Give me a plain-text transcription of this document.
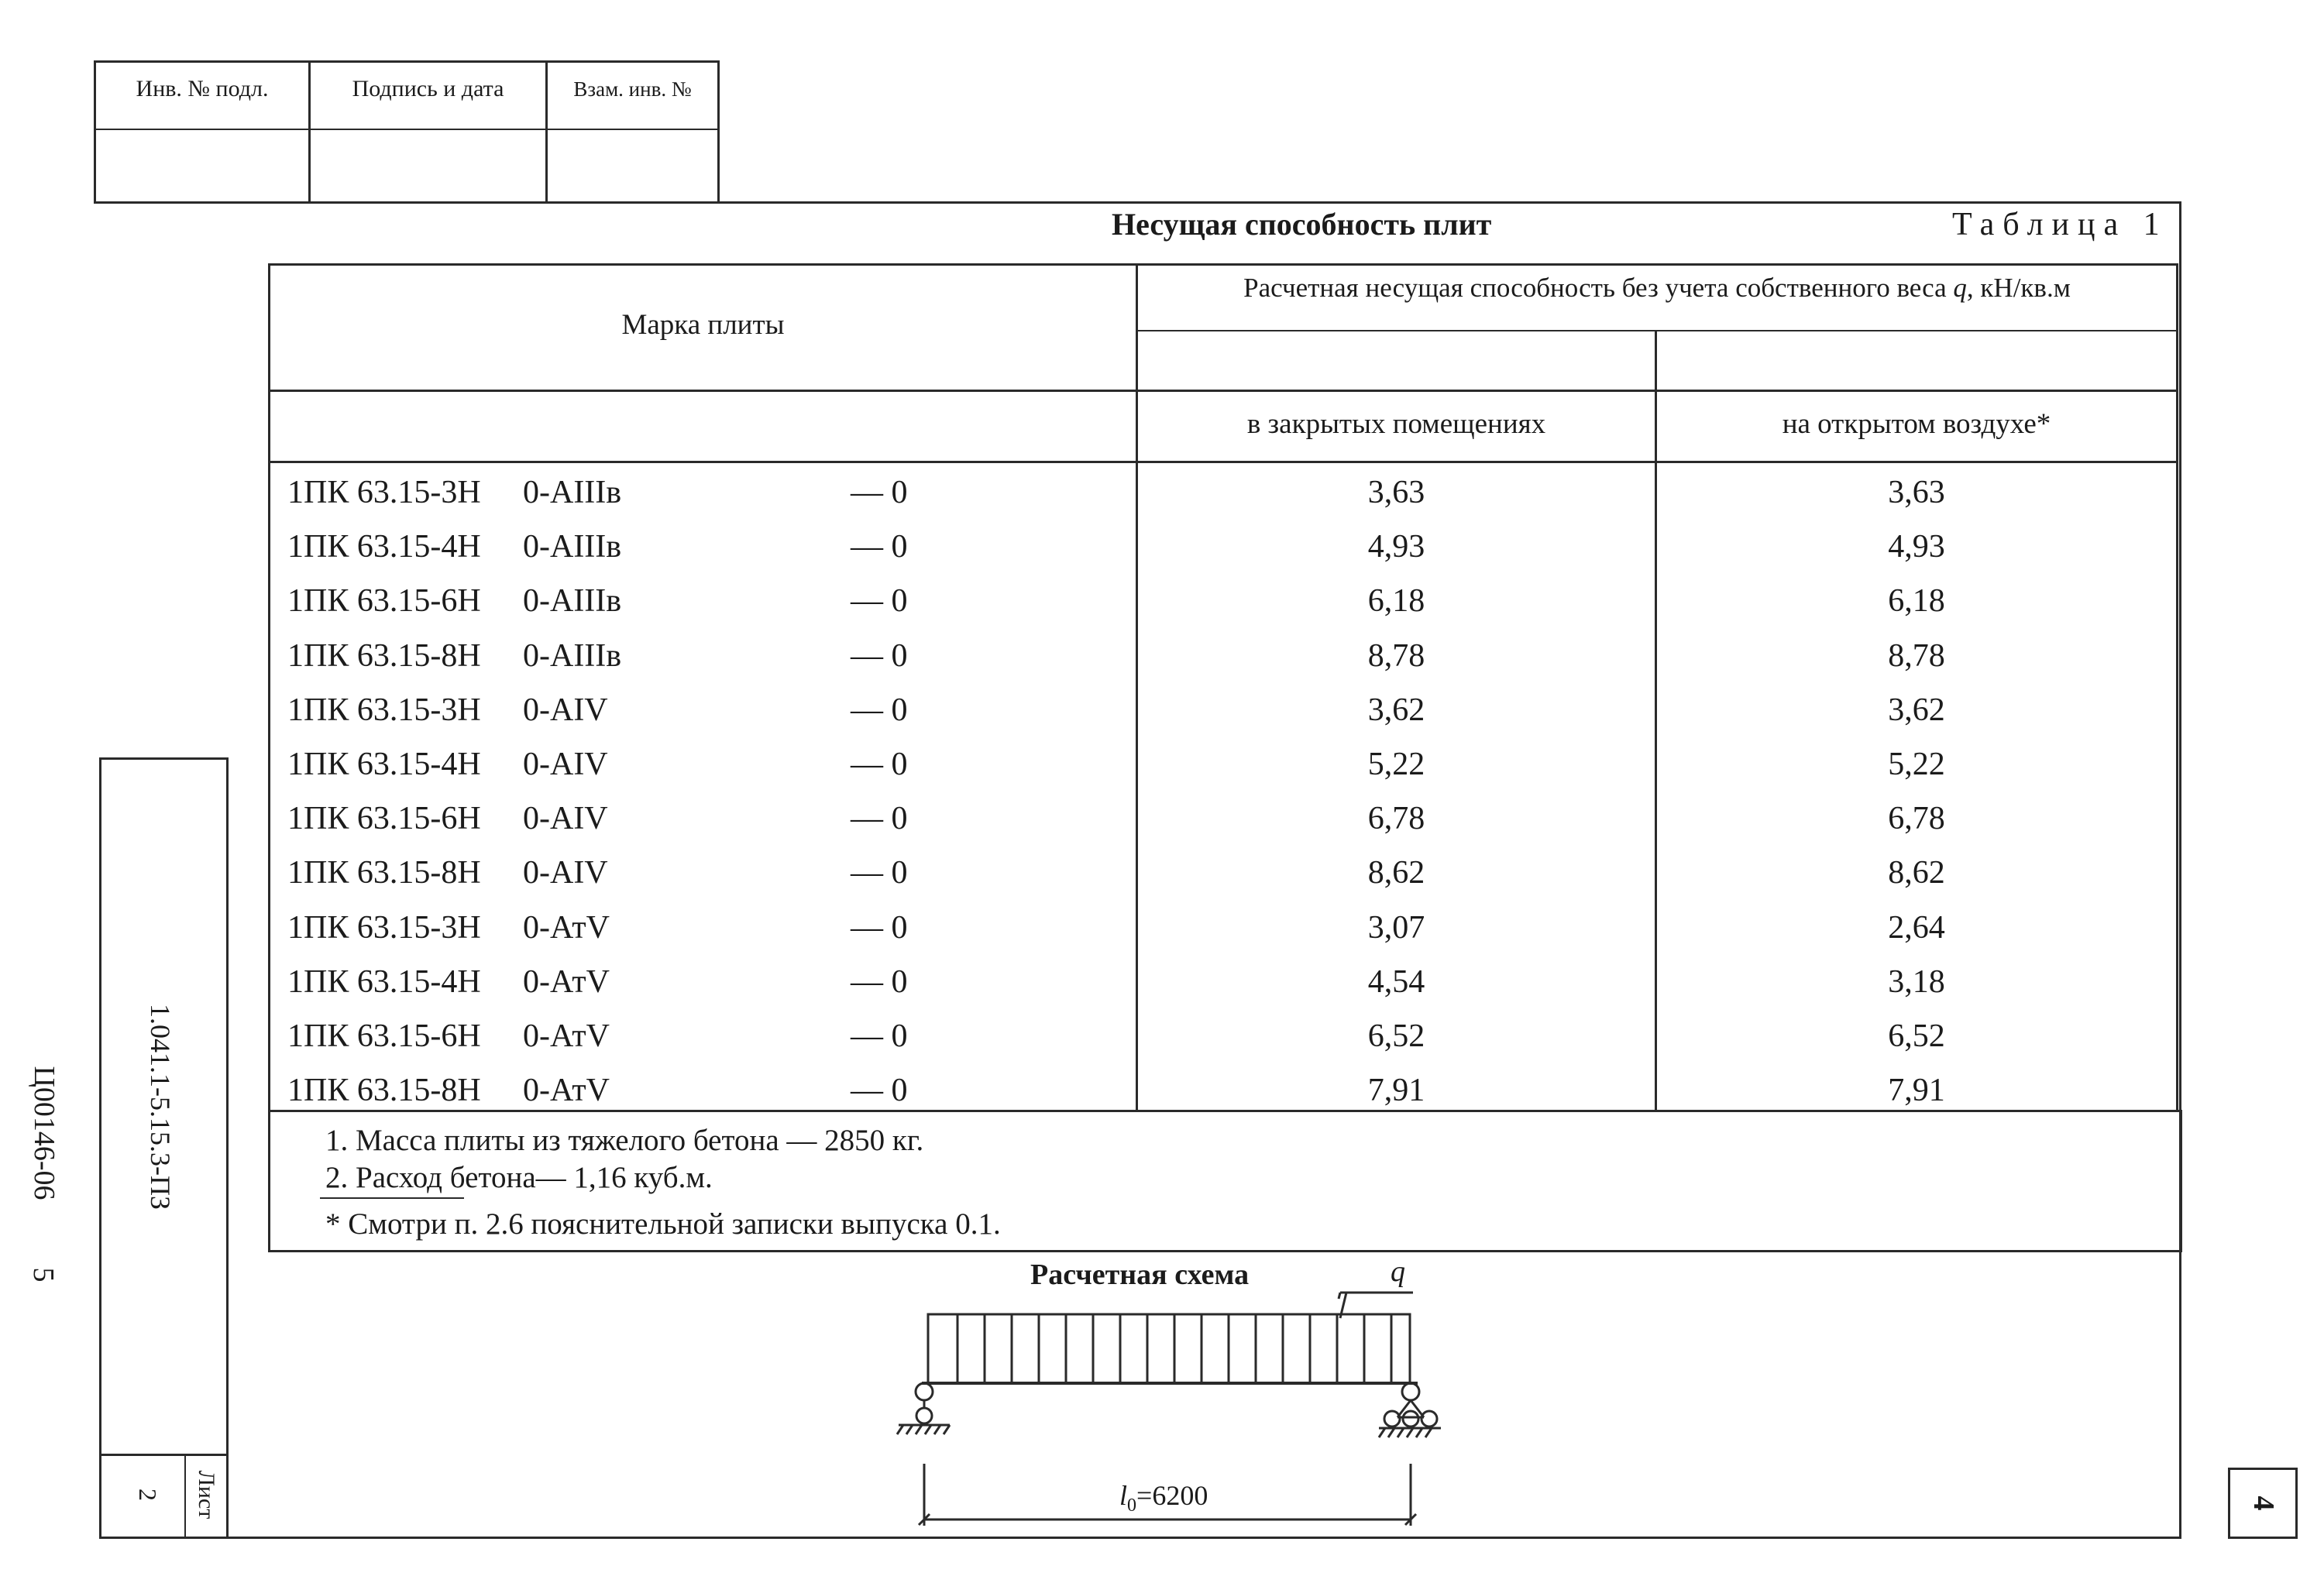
Инв. № подл.	Подпись и дата	Взам. инв. №
1.041.1-5.15.3-ПЗ
Ц00146-06
5
Лист
2
4
Несущая способность плит	Таблица 1
Марка плиты
Расчетная несущая способность без учета собственного веса q, кН/кв.м
в закрытых помещениях	на открытом воздухе*
1ПК 63.15-3Н	0-АIIIв	— 0	3,63	3,63
1ПК 63.15-4Н	0-АIIIв	— 0	4,93	4,93
1ПК 63.15-6Н	0-АIIIв	— 0	6,18	6,18
1ПК 63.15-8Н	0-АIIIв	— 0	8,78	8,78
1ПК 63.15-3Н	0-АIV	— 0	3,62	3,62
1ПК 63.15-4Н	0-АIV	— 0	5,22	5,22
1ПК 63.15-6Н	0-АIV	— 0	6,78	6,78
1ПК 63.15-8Н	0-АIV	— 0	8,62	8,62
1ПК 63.15-3Н	0-АтV	— 0	3,07	2,64
1ПК 63.15-4Н	0-АтV	— 0	4,54	3,18
1ПК 63.15-6Н	0-АтV	— 0	6,52	6,52
1ПК 63.15-8Н	0-АтV	— 0	7,91	7,91
1. Масса плиты из тяжелого бетона — 2850 кг.
2. Расход бетона— 1,16 куб.м.
* Смотри п. 2.6 пояснительной записки выпуска 0.1.
Расчетная схема	q
$l_0=6200$
